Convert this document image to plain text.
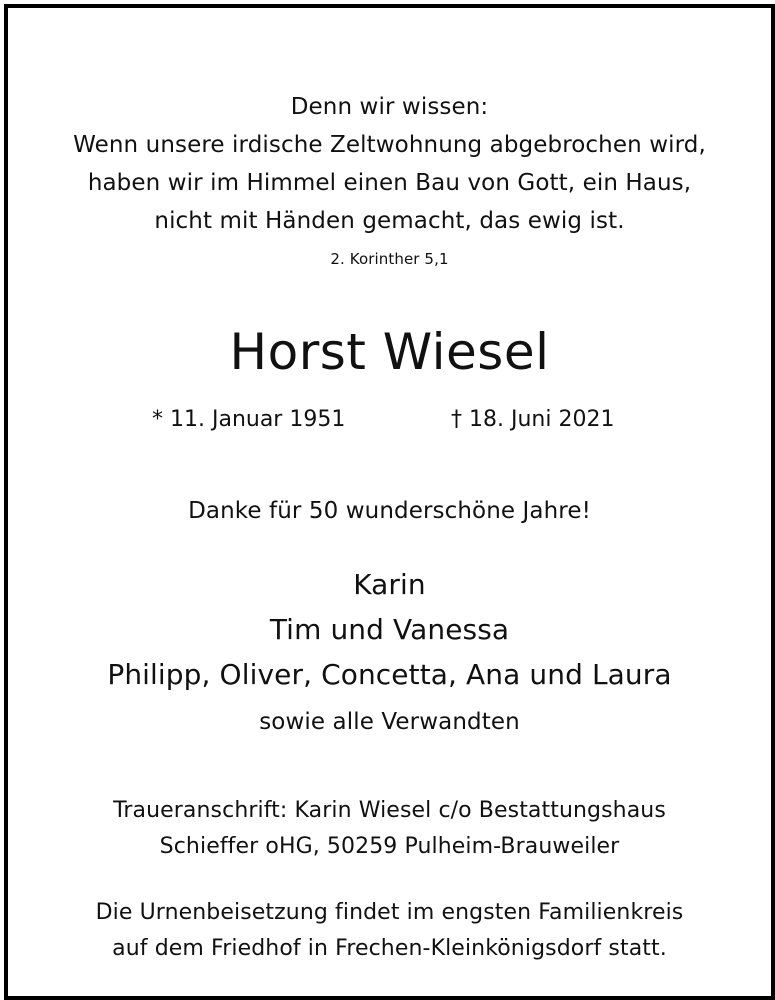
Denn wir wissen:
Wenn unsere irdische Zeltwohnung abgebrochen wird,
haben wir im Himmel einen Bau von Gott, ein Haus,
nicht mit Händen gemacht, das ewig ist.
2. Korinther 5,1
Horst Wiesel
* 11. Januar 1951	† 18. Juni 2021
Danke für 50 wunderschöne Jahre!
Karin
Tim und Vanessa
Philipp, Oliver, Concetta, Ana und Laura
sowie alle Verwandten
Traueranschrift: Karin Wiesel c/o Bestattungshaus
Schieffer oHG, 50259 Pulheim-Brauweiler
Die Urnenbeisetzung findet im engsten Familienkreis
auf dem Friedhof in Frechen-Kleinkönigsdorf statt.
